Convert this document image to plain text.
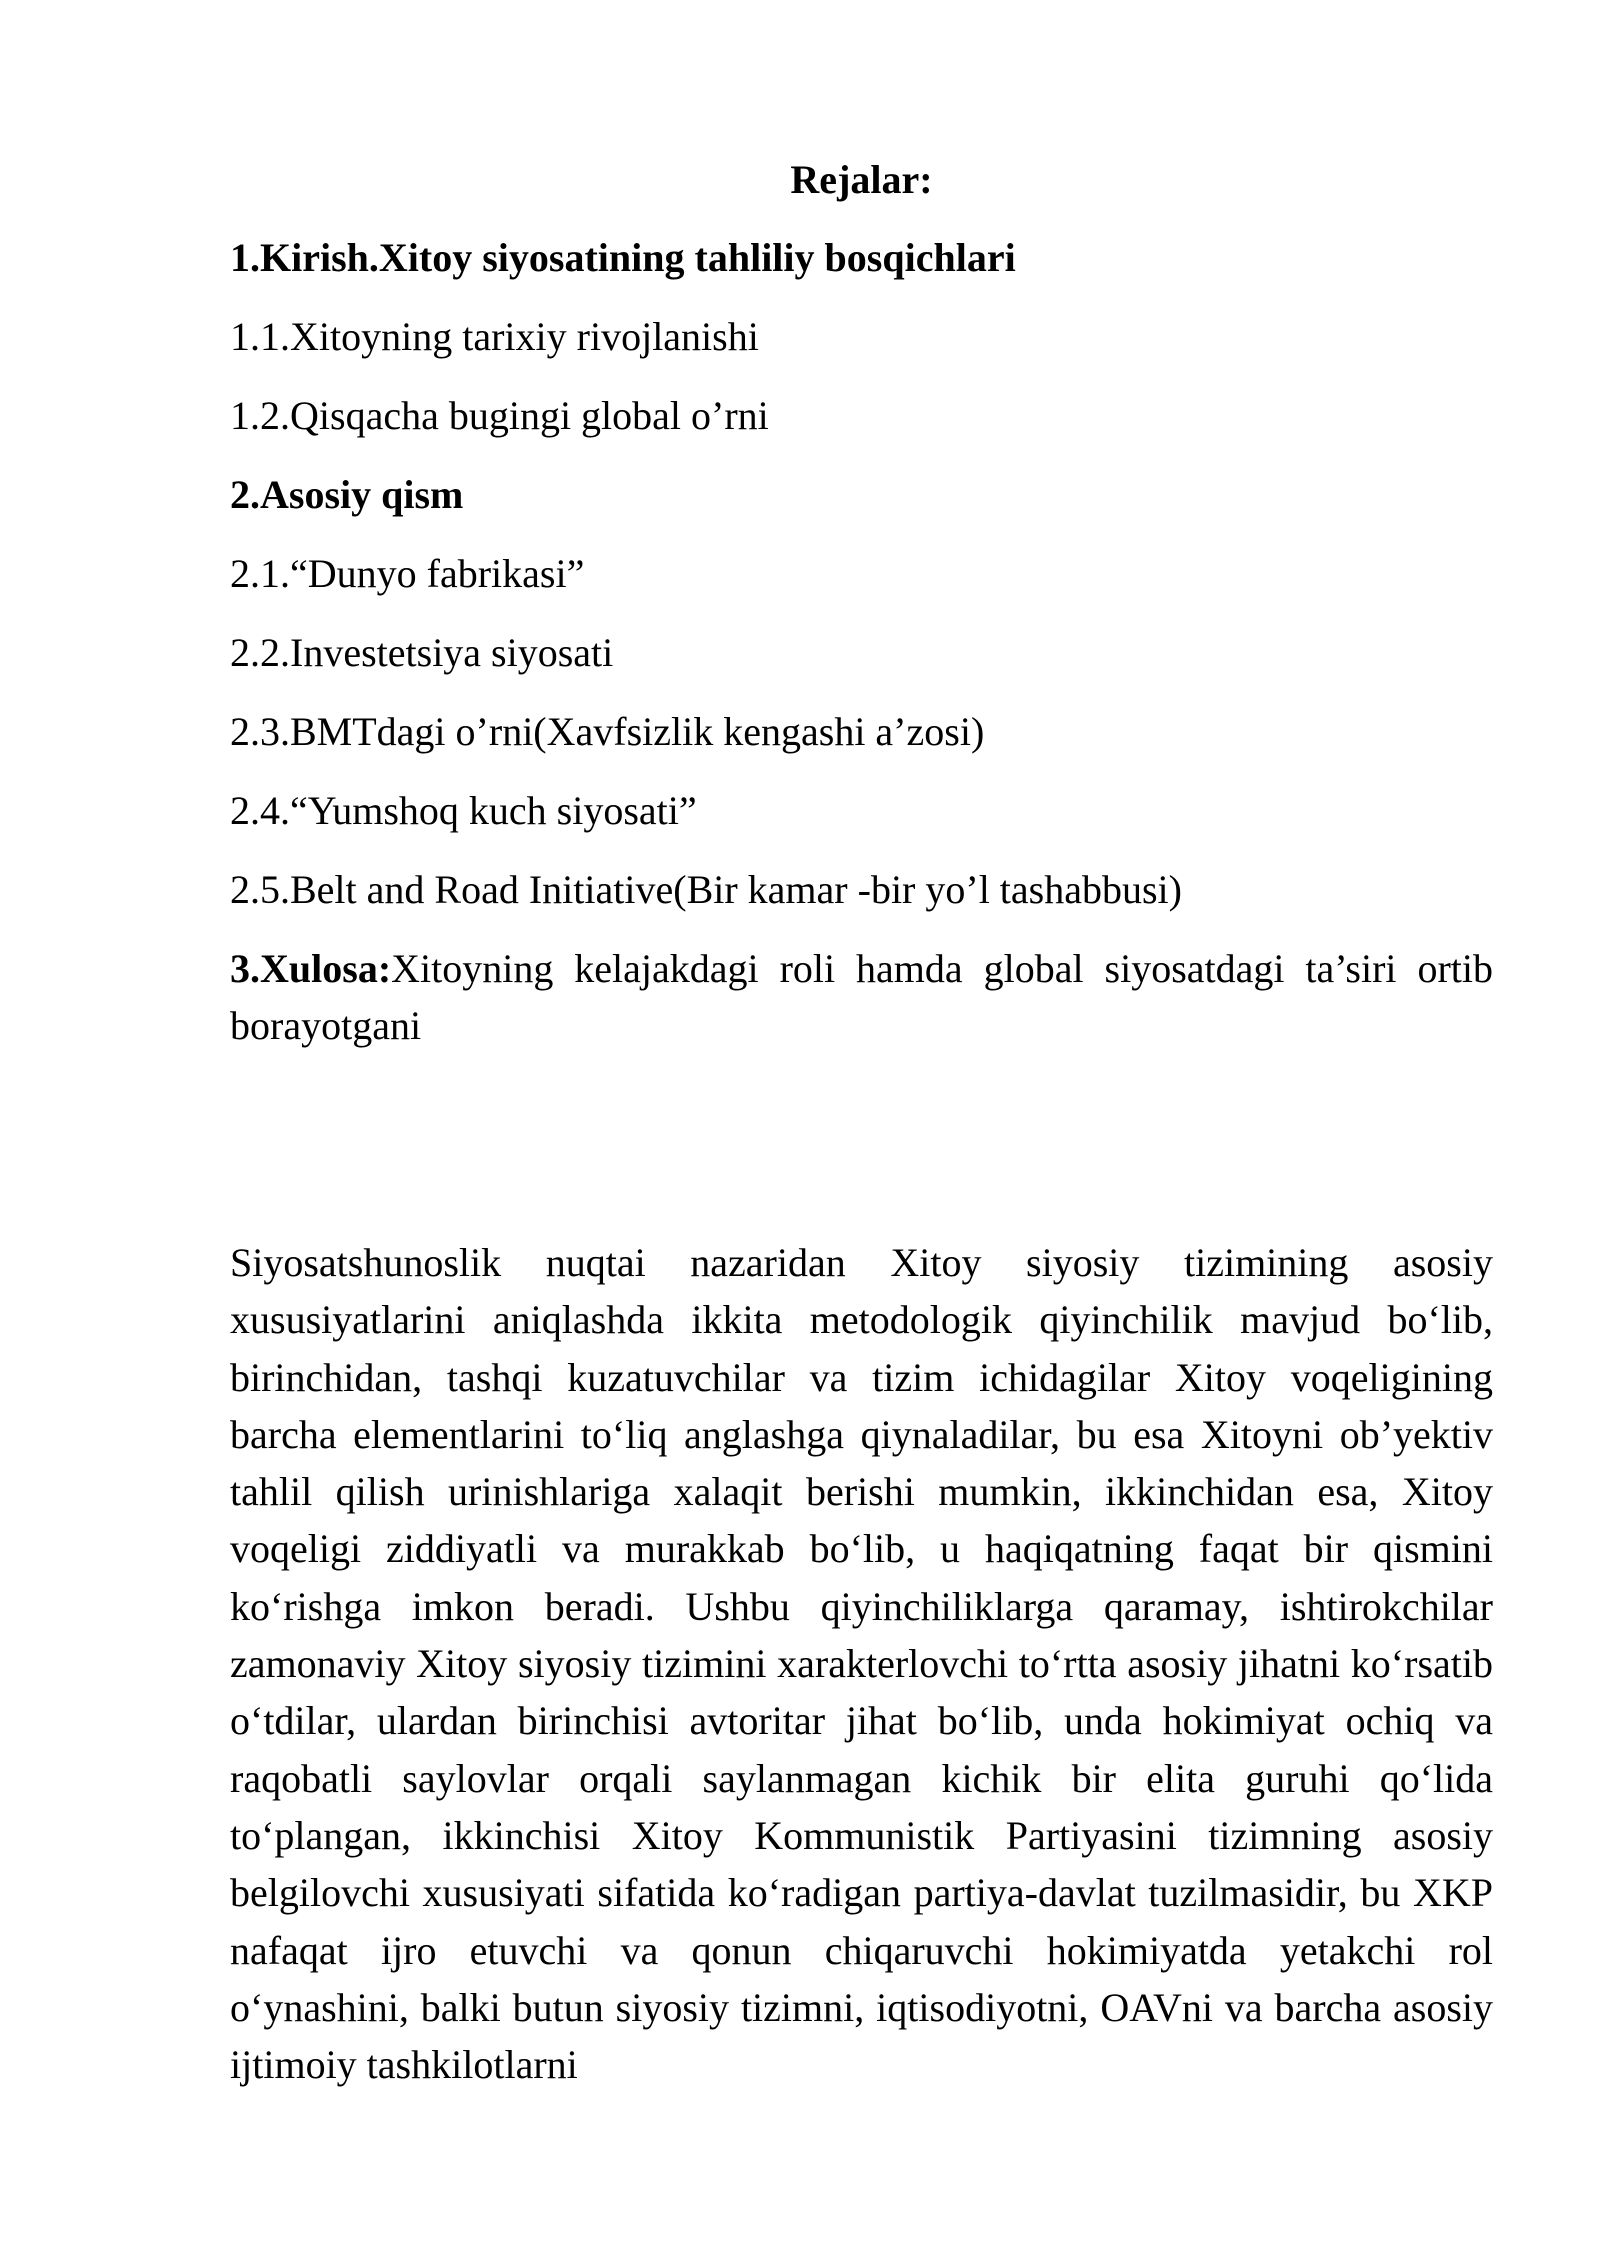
Rejalar:
1.Kirish.Xitoy siyosatining tahliliy bosqichlari
1.1.Xitoyning tarixiy rivojlanishi
1.2.Qisqacha bugingi global o’rni
2.Asosiy qism
2.1.“Dunyo fabrikasi”
2.2.Investetsiya siyosati
2.3.BMTdagi o’rni(Xavfsizlik kengashi a’zosi)
2.4.“Yumshoq kuch siyosati”
2.5.Belt and Road Initiative(Bir kamar -bir yo’l tashabbusi)

3.Xulosa:Xitoyning kelajakdagi roli hamda global siyosatdagi ta’siri ortib borayotgani

Siyosatshunoslik nuqtai nazaridan Xitoy siyosiy tizimining asosiy xususiyatlarini aniqlashda ikkita metodologik qiyinchilik mavjud bo‘lib, birinchidan, tashqi kuzatuvchilar va tizim ichidagilar Xitoy voqeligining barcha elementlarini to‘liq anglashga qiynaladilar, bu esa Xitoyni ob’yektiv tahlil qilish urinishlariga xalaqit berishi mumkin, ikkinchidan esa, Xitoy voqeligi ziddiyatli va murakkab bo‘lib, u haqiqatning faqat bir qismini ko‘rishga imkon beradi. Ushbu qiyinchiliklarga qaramay, ishtirokchilar zamonaviy Xitoy siyosiy tizimini xarakterlovchi to‘rtta asosiy jihatni ko‘rsatib o‘tdilar, ulardan birinchisi avtoritar jihat bo‘lib, unda hokimiyat ochiq va raqobatli saylovlar orqali saylanmagan kichik bir elita guruhi qo‘lida to‘plangan, ikkinchisi Xitoy Kommunistik Partiyasini tizimning asosiy belgilovchi xususiyati sifatida ko‘radigan partiya-davlat tuzilmasidir, bu XKP nafaqat ijro etuvchi va qonun chiqaruvchi hokimiyatda yetakchi rol o‘ynashini, balki butun siyosiy tizimni, iqtisodiyotni, OAVni va barcha asosiy ijtimoiy tashkilotlarni
